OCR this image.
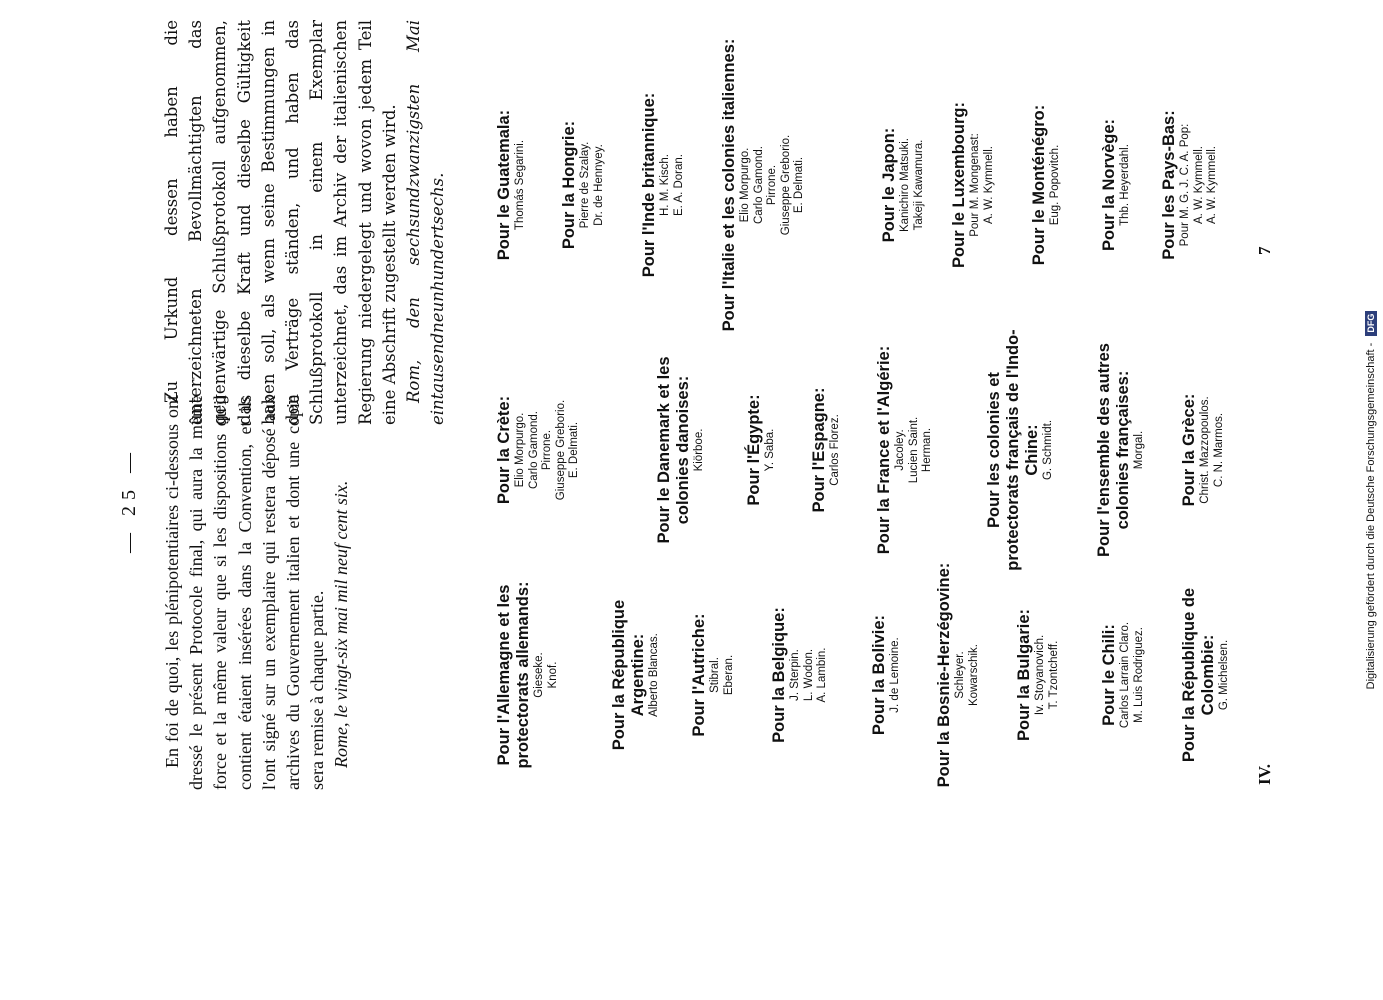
— 25 — En foi de quoi, les plénipotentiaires ci-dessous ont dressé le présent Protocole final, qui aura la même force et la même valeur que si les dispositions qu'il contient étaient insérées dans la Convention, et ils l'ont signé sur un exemplaire qui restera déposé aux archives du Gouvernement italien et dont une copie sera remise à chaque partie. Rome, le vingt-six mai mil neuf cent six.

Zu Urkund dessen haben die unterzeichneten Bevollmächtigten das gegenwärtige Schlußprotokoll aufgenommen, das dieselbe Kraft und dieselbe Gültigkeit haben soll, als wenn seine Bestimmungen in den Verträge ständen, und haben das Schlußprotokoll in einem Exemplar unterzeichnet, das im Archiv der italienischen Regierung niedergelegt und wovon jedem Teil eine Abschrift zugestellt werden wird. Rom, den sechsundzwanzigsten Mai eintausendneunhundertsechs.

Pour l'Allemagne et les protectorats allemands: Gieseke. Knof.	Pour la République Argentine: Alberto Blancas. Pour l'Autriche: Stibral. Eberan. Pour la Belgique: J. Sterpin. L. Wodon. A. Lambin.	Pour la Bolivie: J. de Lemoine. Pour la Bosnie-Herzégovine: Schleyer. Kowarschik. Pour la Bulgarie: Iv. Stoyanovich. T. Tzontcheff. Pour le Chili: Carlos Larrain Claro. M. Luis Rodriguez. Pour la République de Colombie: G. Michelsen.
Pour la Crète: Elio Morpurgo. Carlo Gamond. Pirrone. Giuseppe Greborio. E. Delmati.	Pour le Danemark et les colonies danoises: Kiörboe. Pour l'Égypte: Y. Saba. Pour l'Espagne: Carlos Florez. Pour la France et l'Algérie: Jacoley. Lucien Saint. Herman.	Pour les colonies et protectorats français de l'Indo-Chine: G. Schmidt. Pour l'ensemble des autres colonies françaises: Morgal. Pour la Grèce: Christ. Mazzopoulos. C. N. Marmos.
Pour le Guatemala: Thomás Segarini. Pour la Hongrie: Pierre de Szalay. Dr. de Hennyey. Pour l'Inde britannique: H. M. Kisch. E. A. Doran. Pour l'Italie et les colonies italiennes: Elio Morpurgo. Carlo Gamond. Pirrone. Giuseppe Greborio. E. Delmati.	Pour le Japon: Kanichiro Matsuki. Takeji Kawamura. Pour le Luxembourg: Pour M. Mongenast: A. W. Kymmell. Pour le Monténégro: Eug. Popovitch. Pour la Norvège: Thb. Heyerdahl. Pour les Pays-Bas: Pour M. G. J. C. A. Pop: A. W. Kymmell. A. W. Kymmell.
IV.
7
Digitalisierung gefördert durch die Deutsche Forschungsgemeinschaft - DFG
